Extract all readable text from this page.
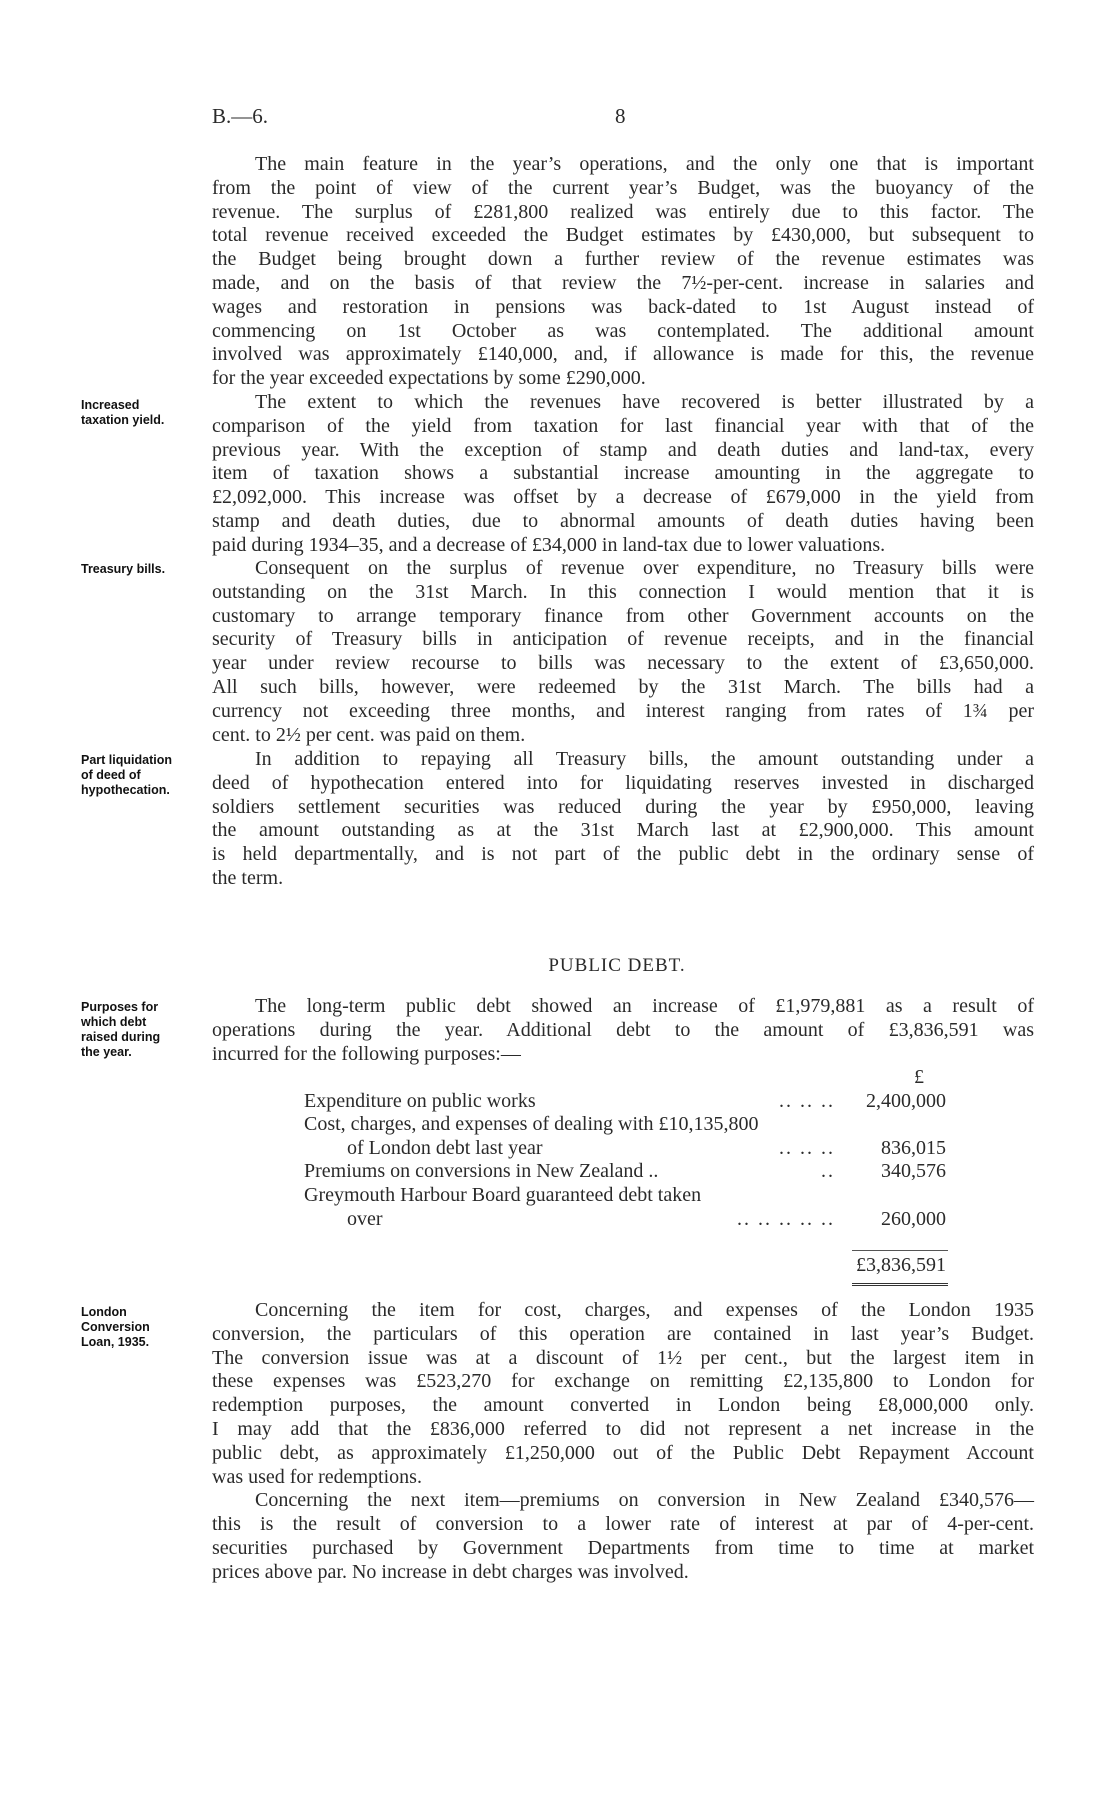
B.—6.	8
Increased
taxation yield.
Treasury bills.
Part liquidation
of deed of
hypothecation.
Purposes for
which debt
raised during
the year.
London
Conversion
Loan, 1935.
The main feature in the year’s operations, and the only one that is important
from the point of view of the current year’s Budget, was the buoyancy of the
revenue. The surplus of £281,800 realized was entirely due to this factor. The
total revenue received exceeded the Budget estimates by £430,000, but subsequent to
the Budget being brought down a further review of the revenue estimates was
made, and on the basis of that review the 7½-per-cent. increase in salaries and
wages and restoration in pensions was back-dated to 1st August instead of
commencing on 1st October as was contemplated. The additional amount
involved was approximately £140,000, and, if allowance is made for this, the revenue
for the year exceeded expectations by some £290,000.
The extent to which the revenues have recovered is better illustrated by a
comparison of the yield from taxation for last financial year with that of the
previous year. With the exception of stamp and death duties and land-tax, every
item of taxation shows a substantial increase amounting in the aggregate to
£2,092,000. This increase was offset by a decrease of £679,000 in the yield from
stamp and death duties, due to abnormal amounts of death duties having been
paid during 1934–35, and a decrease of £34,000 in land-tax due to lower valuations.
Consequent on the surplus of revenue over expenditure, no Treasury bills were
outstanding on the 31st March. In this connection I would mention that it is
customary to arrange temporary finance from other Government accounts on the
security of Treasury bills in anticipation of revenue receipts, and in the financial
year under review recourse to bills was necessary to the extent of £3,650,000.
All such bills, however, were redeemed by the 31st March. The bills had a
currency not exceeding three months, and interest ranging from rates of 1¾ per
cent. to 2½ per cent. was paid on them.
In addition to repaying all Treasury bills, the amount outstanding under a
deed of hypothecation entered into for liquidating reserves invested in discharged
soldiers settlement securities was reduced during the year by £950,000, leaving
the amount outstanding as at the 31st March last at £2,900,000. This amount
is held departmentally, and is not part of the public debt in the ordinary sense of
the term.
PUBLIC DEBT.
The long-term public debt showed an increase of £1,979,881 as a result of
operations during the year. Additional debt to the amount of £3,836,591 was
incurred for the following purposes:—
£
Expenditure on public works	.. .. .. 2,400,000
Cost, charges, and expenses of dealing with £10,135,800
of London debt last year	.. .. .. 836,015
Premiums on conversions in New Zealand ..	.. 340,576
Greymouth Harbour Board guaranteed debt taken
over	.. .. .. .. .. 260,000
£3,836,591
Concerning the item for cost, charges, and expenses of the London 1935
conversion, the particulars of this operation are contained in last year’s Budget.
The conversion issue was at a discount of 1½ per cent., but the largest item in
these expenses was £523,270 for exchange on remitting £2,135,800 to London for
redemption purposes, the amount converted in London being £8,000,000 only.
I may add that the £836,000 referred to did not represent a net increase in the
public debt, as approximately £1,250,000 out of the Public Debt Repayment Account
was used for redemptions.
Concerning the next item—premiums on conversion in New Zealand £340,576—
this is the result of conversion to a lower rate of interest at par of 4-per-cent.
securities purchased by Government Departments from time to time at market
prices above par. No increase in debt charges was involved.
